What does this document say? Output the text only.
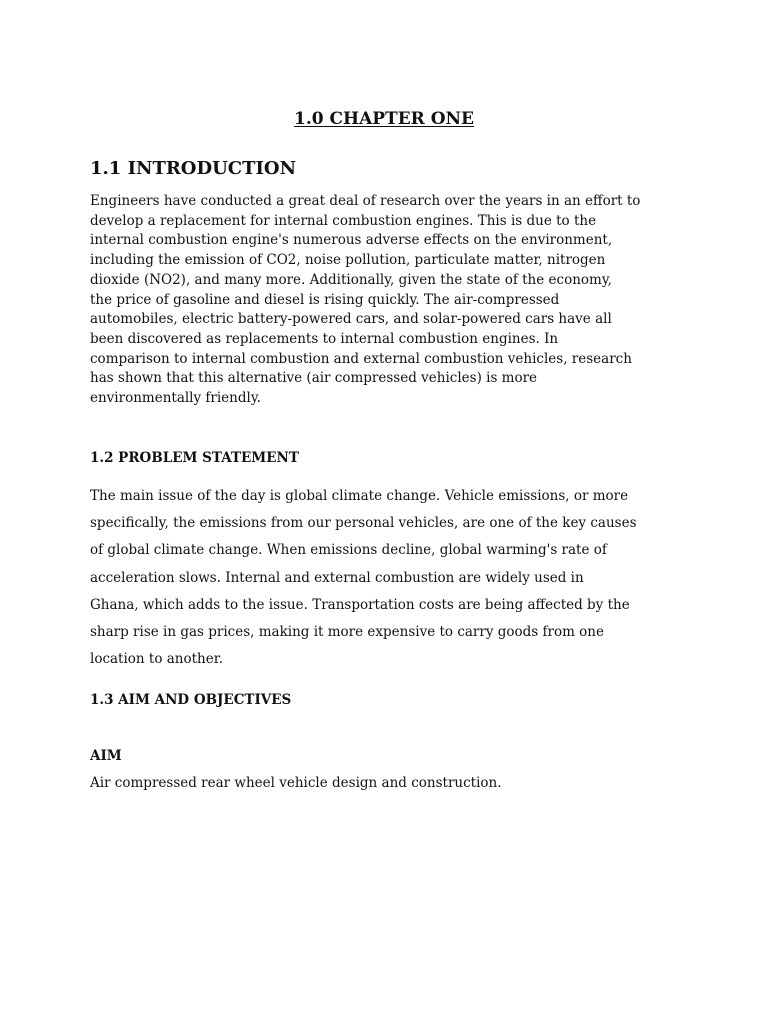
1.0 CHAPTER ONE
1.1 INTRODUCTION

Engineers have conducted a great deal of research over the years in an effort to
develop a replacement for internal combustion engines. This is due to the
internal combustion engine's numerous adverse effects on the environment,
including the emission of CO2, noise pollution, particulate matter, nitrogen
dioxide (NO2), and many more. Additionally, given the state of the economy,
the price of gasoline and diesel is rising quickly. The air-compressed
automobiles, electric battery-powered cars, and solar-powered cars have all
been discovered as replacements to internal combustion engines. In
comparison to internal combustion and external combustion vehicles, research
has shown that this alternative (air compressed vehicles) is more
environmentally friendly.

1.2 PROBLEM STATEMENT

The main issue of the day is global climate change. Vehicle emissions, or more
specifically, the emissions from our personal vehicles, are one of the key causes
of global climate change. When emissions decline, global warming's rate of
acceleration slows. Internal and external combustion are widely used in
Ghana, which adds to the issue. Transportation costs are being affected by the
sharp rise in gas prices, making it more expensive to carry goods from one
location to another.

1.3 AIM AND OBJECTIVES
AIM

Air compressed rear wheel vehicle design and construction.
